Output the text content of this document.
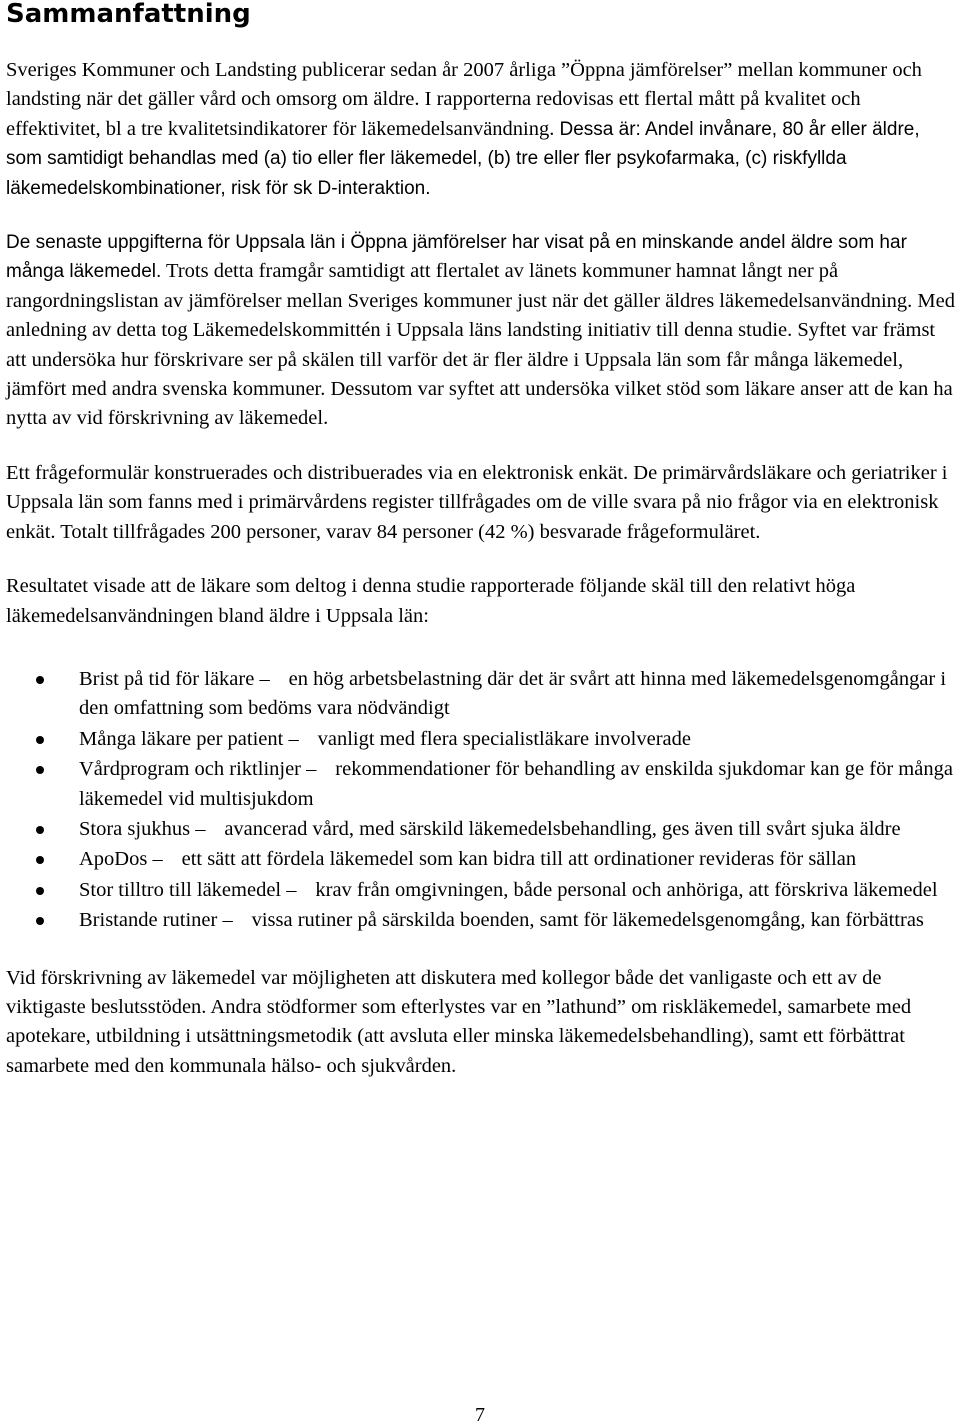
Sammanfattning

Sveriges Kommuner och Landsting publicerar sedan år 2007 årliga ”Öppna jämförelser” mellan kommuner och landsting när det gäller vård och omsorg om äldre. I rapporterna redovisas ett flertal mått på kvalitet och effektivitet, bl a tre kvalitetsindikatorer för läkemedelsanvändning. Dessa är: Andel invånare, 80 år eller äldre, som samtidigt behandlas med (a) tio eller fler läkemedel, (b) tre eller fler psykofarmaka, (c) riskfyllda läkemedelskombinationer, risk för sk D-interaktion.

De senaste uppgifterna för Uppsala län i Öppna jämförelser har visat på en minskande andel äldre som har många läkemedel. Trots detta framgår samtidigt att flertalet av länets kommuner hamnat långt ner på rangordningslistan av jämförelser mellan Sveriges kommuner just när det gäller äldres läkemedelsanvändning. Med anledning av detta tog Läkemedelskommittén i Uppsala läns landsting initiativ till denna studie. Syftet var främst att undersöka hur förskrivare ser på skälen till varför det är fler äldre i Uppsala län som får många läkemedel, jämfört med andra svenska kommuner. Dessutom var syftet att undersöka vilket stöd som läkare anser att de kan ha nytta av vid förskrivning av läkemedel.

Ett frågeformulär konstruerades och distribuerades via en elektronisk enkät. De primärvårdsläkare och geriatriker i Uppsala län som fanns med i primärvårdens register tillfrågades om de ville svara på nio frågor via en elektronisk enkät. Totalt tillfrågades 200 personer, varav 84 personer (42 %) besvarade frågeformuläret.

Resultatet visade att de läkare som deltog i denna studie rapporterade följande skäl till den relativt höga läkemedelsanvändningen bland äldre i Uppsala län:

Brist på tid för läkare – en hög arbetsbelastning där det är svårt att hinna med läkemedelsgenomgångar i den omfattning som bedöms vara nödvändigt
Många läkare per patient – vanligt med flera specialistläkare involverade
Vårdprogram och riktlinjer – rekommendationer för behandling av enskilda sjukdomar kan ge för många läkemedel vid multisjukdom
Stora sjukhus – avancerad vård, med särskild läkemedelsbehandling, ges även till svårt sjuka äldre
ApoDos – ett sätt att fördela läkemedel som kan bidra till att ordinationer revideras för sällan
Stor tilltro till läkemedel – krav från omgivningen, både personal och anhöriga, att förskriva läkemedel
Bristande rutiner – vissa rutiner på särskilda boenden, samt för läkemedelsgenomgång, kan förbättras

Vid förskrivning av läkemedel var möjligheten att diskutera med kollegor både det vanligaste och ett av de viktigaste beslutsstöden. Andra stödformer som efterlystes var en ”lathund” om riskläkemedel, samarbete med apotekare, utbildning i utsättningsmetodik (att avsluta eller minska läkemedelsbehandling), samt ett förbättrat samarbete med den kommunala hälso- och sjukvården.

7
